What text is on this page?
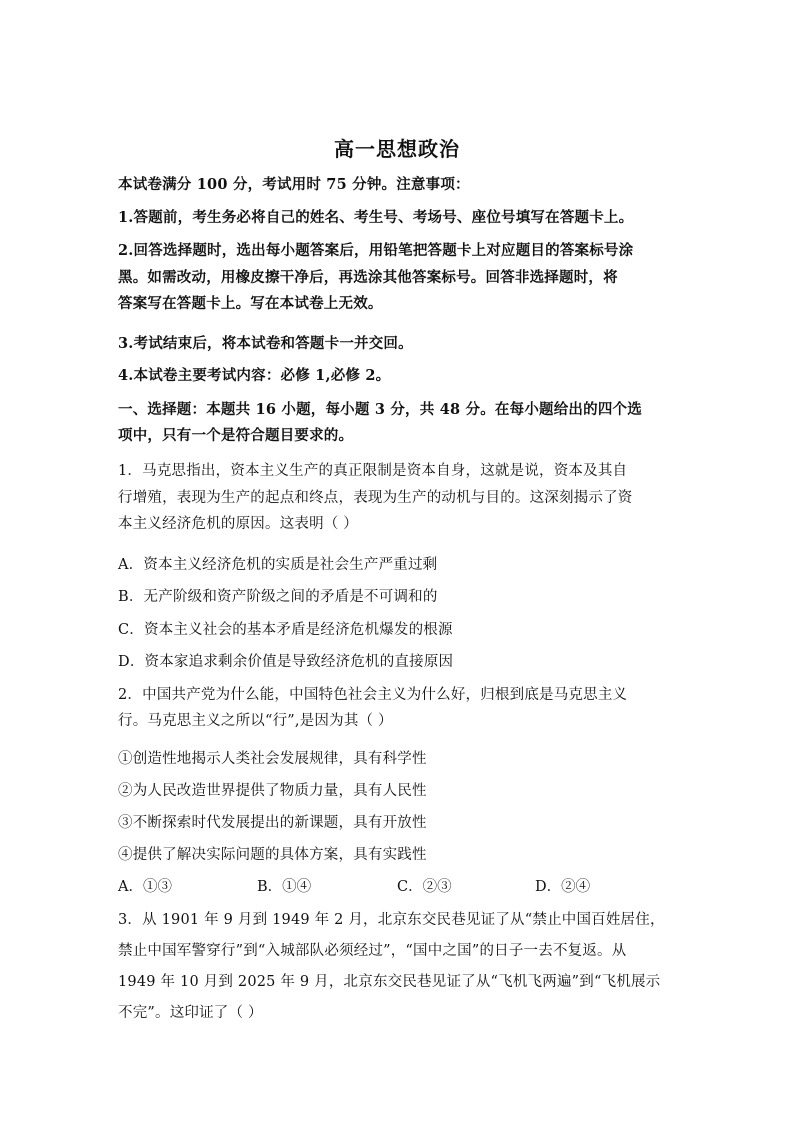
高一思想政治
本试卷满分 100 分，考试用时 75 分钟。注意事项：
1.答题前，考生务必将自己的姓名、考生号、考场号、座位号填写在答题卡上。
2.回答选择题时，选出每小题答案后，用铅笔把答题卡上对应题目的答案标号涂
黑。如需改动，用橡皮擦干净后，再选涂其他答案标号。回答非选择题时，将
答案写在答题卡上。写在本试卷上无效。
3.考试结束后，将本试卷和答题卡一并交回。
4.本试卷主要考试内容：必修 1,必修 2。
一、选择题：本题共 16 小题，每小题 3 分，共 48 分。在每小题给出的四个选
项中，只有一个是符合题目要求的。
1．马克思指出，资本主义生产的真正限制是资本自身，这就是说，资本及其自
行增殖，表现为生产的起点和终点，表现为生产的动机与目的。这深刻揭示了资
本主义经济危机的原因。这表明（ ）
A．资本主义经济危机的实质是社会生产严重过剩
B．无产阶级和资产阶级之间的矛盾是不可调和的
C．资本主义社会的基本矛盾是经济危机爆发的根源
D．资本家追求剩余价值是导致经济危机的直接原因
2．中国共产党为什么能，中国特色社会主义为什么好，归根到底是马克思主义
行。马克思主义之所以“行”,是因为其（ ）
①创造性地揭示人类社会发展规律，具有科学性
②为人民改造世界提供了物质力量，具有人民性
③不断探索时代发展提出的新课题，具有开放性
④提供了解决实际问题的具体方案，具有实践性
A．①③	B．①④	C．②③	D．②④
3．从 1901 年 9 月到 1949 年 2 月，北京东交民巷见证了从“禁止中国百姓居住，
禁止中国军警穿行”到“入城部队必须经过”，“国中之国”的日子一去不复返。从
1949 年 10 月到 2025 年 9 月，北京东交民巷见证了从“飞机飞两遍”到“飞机展示
不完”。这印证了（ ）
